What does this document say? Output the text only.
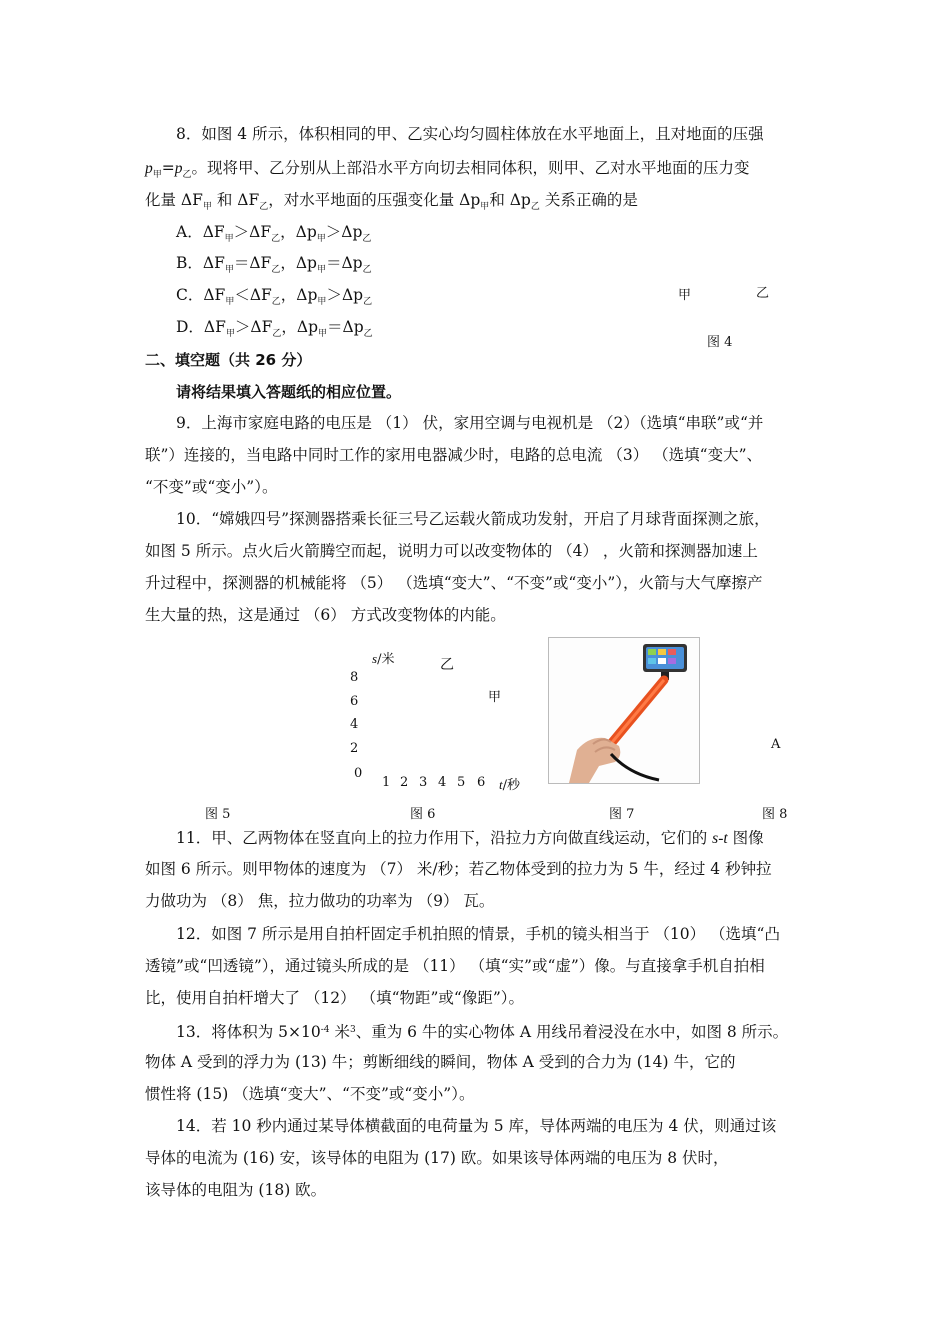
8．如图 4 所示，体积相同的甲、乙实心均匀圆柱体放在水平地面上，且对地面的压强
$p_甲=p_乙$。现将甲、乙分别从上部沿水平方向切去相同体积，则甲、乙对水平地面的压力变
化量 $\Delta F_甲$ 和 $\Delta F_乙$，对水平地面的压强变化量 $\Delta p_甲$和 $\Delta p_乙$ 关系正确的是
A．$\Delta F_甲>\Delta F_乙$，$\Delta p_甲>\Delta p_乙$
B．$\Delta F_甲=\Delta F_乙$，$\Delta p_甲=\Delta p_乙$
C．$\Delta F_甲<\Delta F_乙$，$\Delta p_甲>\Delta p_乙$
D．$\Delta F_甲>\Delta F_乙$，$\Delta p_甲=\Delta p_乙$
甲	乙
图 4
二、填空题（共 26 分）
请将结果填入答题纸的相应位置。
9．上海市家庭电路的电压是 （1） 伏，家用空调与电视机是 （2）（选填“串联”或“并
联”）连接的，当电路中同时工作的家用电器减少时，电路的总电流 （3） （选填“变大”、
“不变”或“变小”）。
10．“嫦娥四号”探测器搭乘长征三号乙运载火箭成功发射，开启了月球背面探测之旅，
如图 5 所示。点火后火箭腾空而起，说明力可以改变物体的 （4） ，火箭和探测器加速上
升过程中，探测器的机械能将 （5） （选填“变大”、“不变”或“变小”），火箭与大气摩擦产
生大量的热，这是通过 （6） 方式改变物体的内能。
s/米
8
6
4
2
0
1 2 3 4 5 6 t/秒
乙
甲
A
图 5	图 6	图 7	图 8
11．甲、乙两物体在竖直向上的拉力作用下，沿拉力方向做直线运动，它们的 s-t 图像
如图 6 所示。则甲物体的速度为 （7） 米/秒；若乙物体受到的拉力为 5 牛，经过 4 秒钟拉
力做功为 （8） 焦，拉力做功的功率为 （9） 瓦。
12．如图 7 所示是用自拍杆固定手机拍照的情景，手机的镜头相当于 （10） （选填“凸
透镜”或“凹透镜”），通过镜头所成的是 （11） （填“实”或“虚”）像。与直接拿手机自拍相
比，使用自拍杆增大了 （12） （填“物距”或“像距”）。
13．将体积为 $5\times 10^{-4}$ 米$^3$、重为 6 牛的实心物体 A 用线吊着浸没在水中，如图 8 所示。
物体 A 受到的浮力为 (13) 牛；剪断细线的瞬间，物体 A 受到的合力为 (14) 牛，它的
惯性将 (15) （选填“变大”、“不变”或“变小”）。
14．若 10 秒内通过某导体横截面的电荷量为 5 库，导体两端的电压为 4 伏，则通过该
导体的电流为 (16) 安，该导体的电阻为 (17) 欧。如果该导体两端的电压为 8 伏时，
该导体的电阻为 (18) 欧。
